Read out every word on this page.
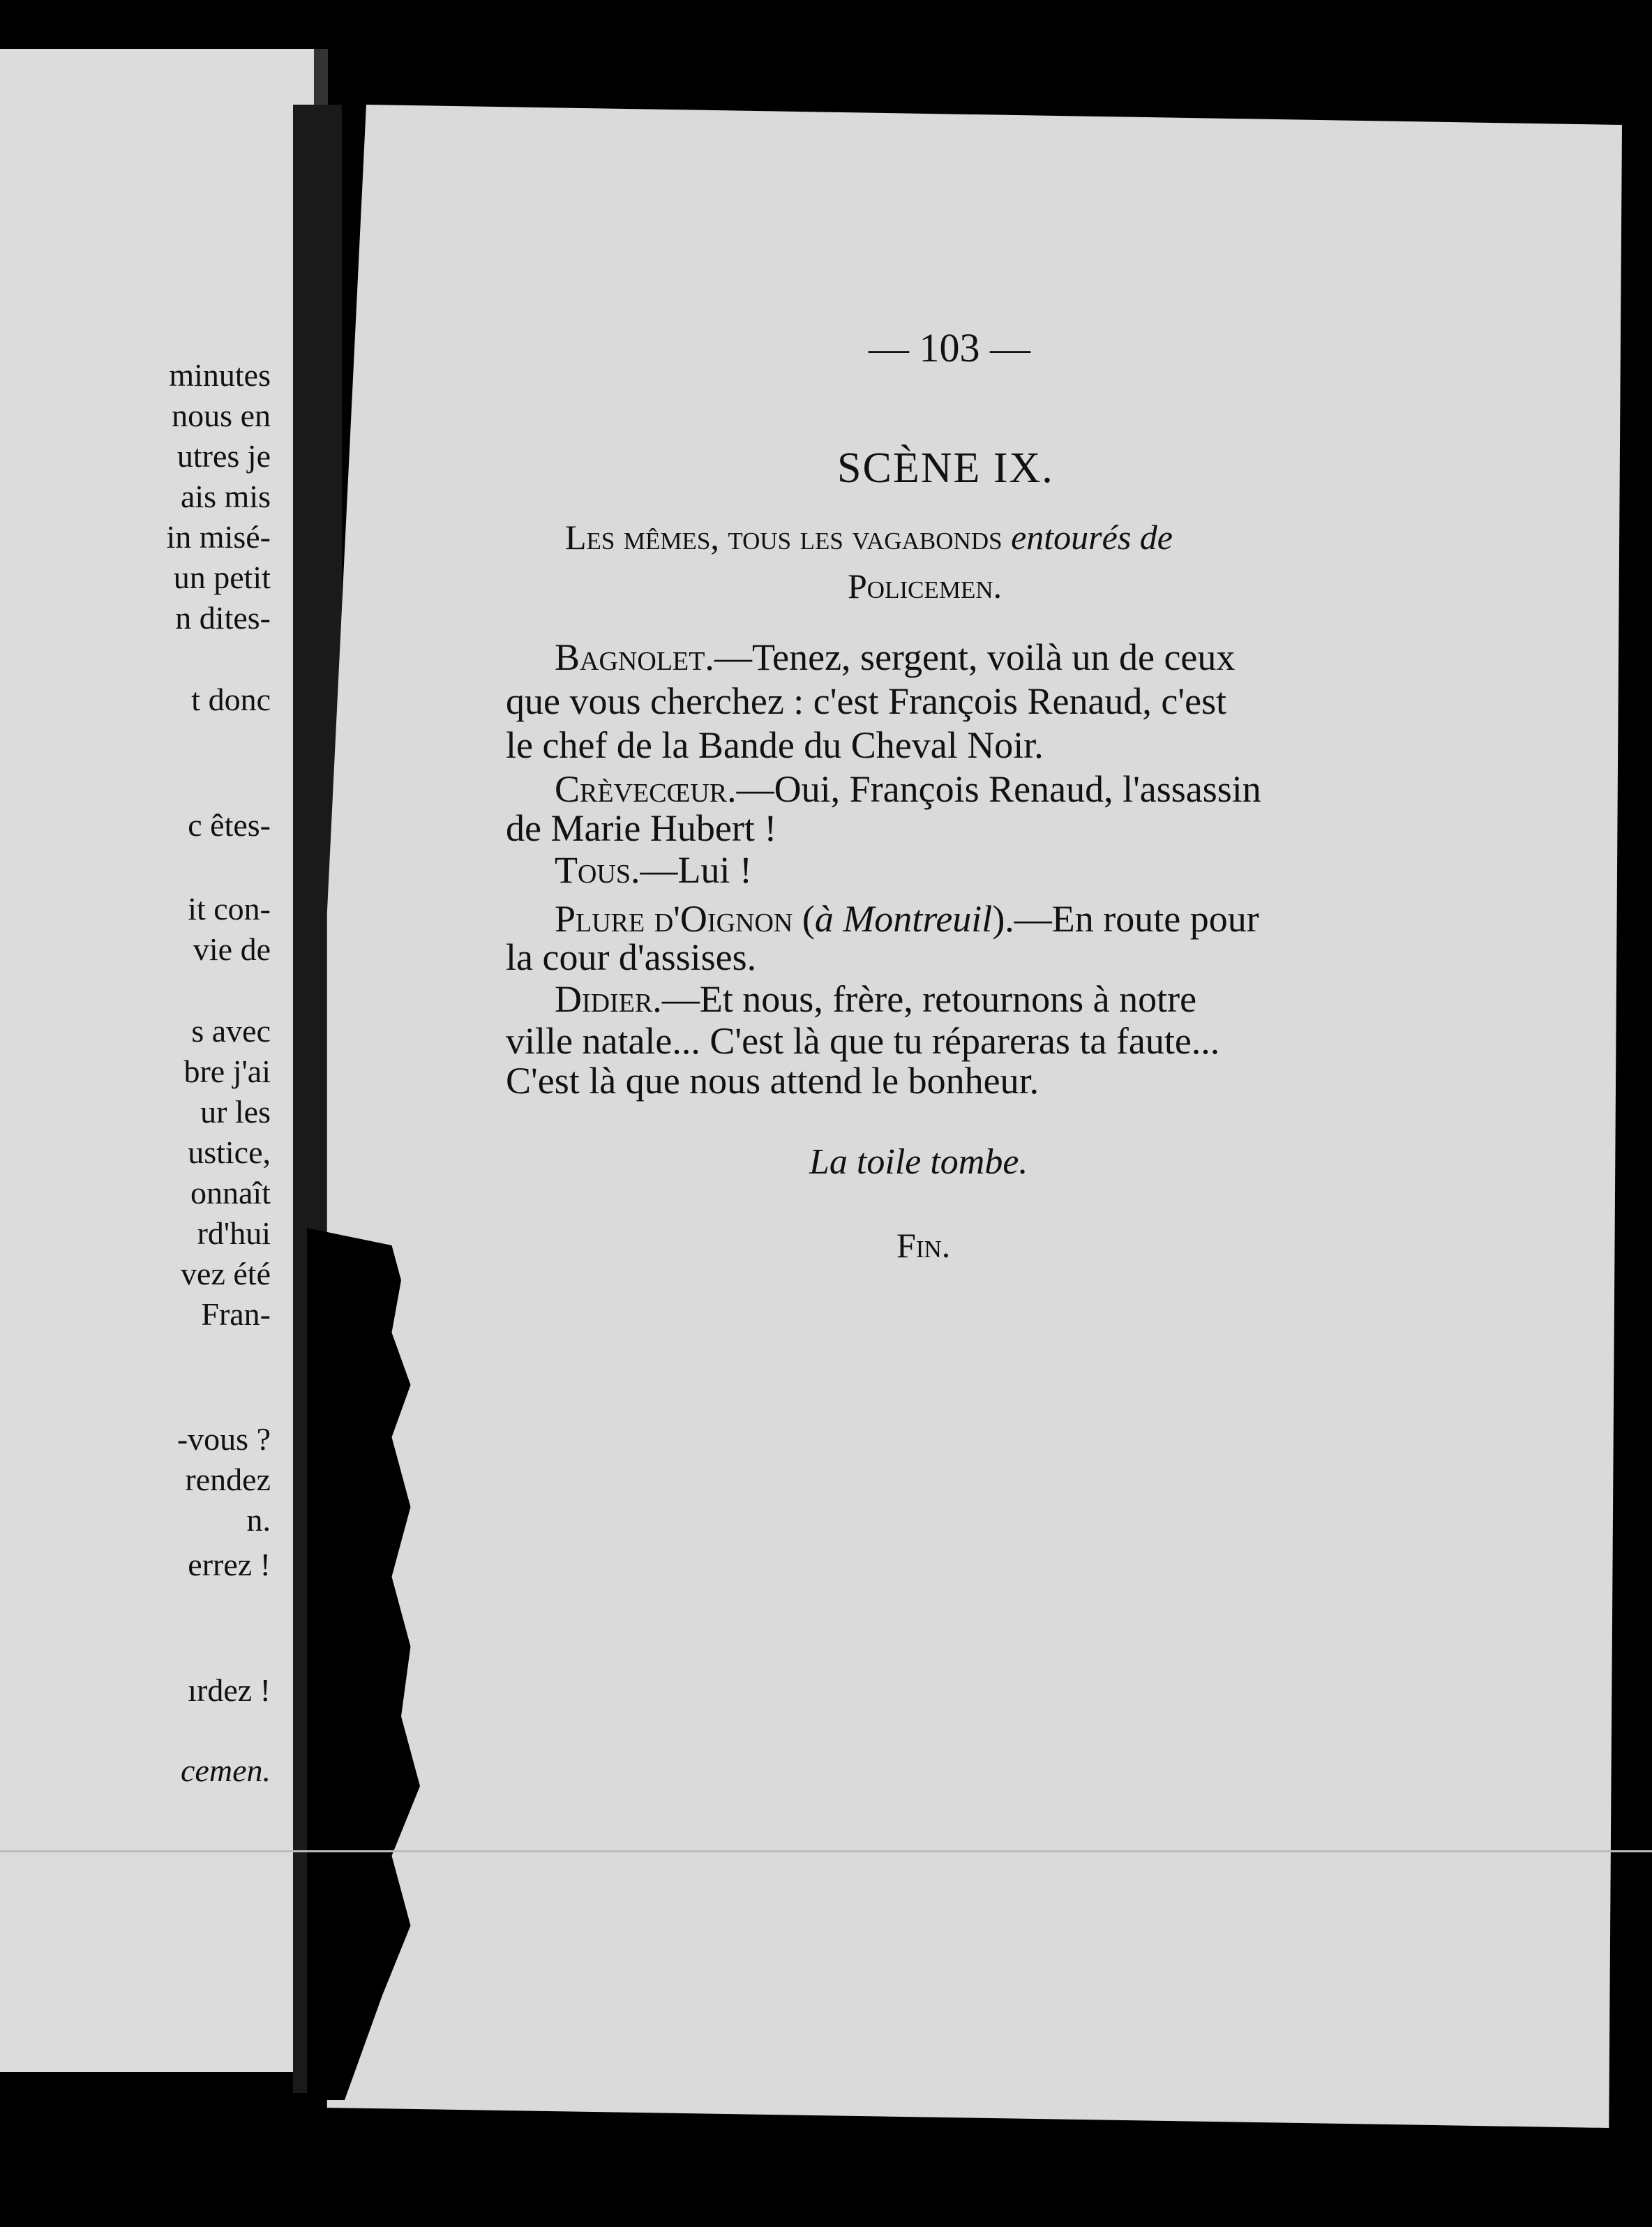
minutes
nous en
utres je
ais mis
in misé-
un petit
n dites-
t donc
c êtes-
it con-
vie de
s avec
bre j'ai
ur les
ustice,
onnaît
rd'hui
vez été
Fran-
-vous ?
rendez
n.
errez !
ırdez !
cemen.
— 103 —
SCÈNE IX.
Les mêmes, tous les vagabonds entourés de
Policemen.
Bagnolet.—Tenez, sergent, voilà un de ceux
que vous cherchez : c'est François Renaud, c'est
le chef de la Bande du Cheval Noir.
Crèvecœur.—Oui, François Renaud, l'assassin
de Marie Hubert !
Tous.—Lui !
Plure d'Oignon (à Montreuil).—En route pour
la cour d'assises.
Didier.—Et nous, frère, retournons à notre
ville natale... C'est là que tu répareras ta faute...
C'est là que nous attend le bonheur.
La toile tombe.
Fin.
